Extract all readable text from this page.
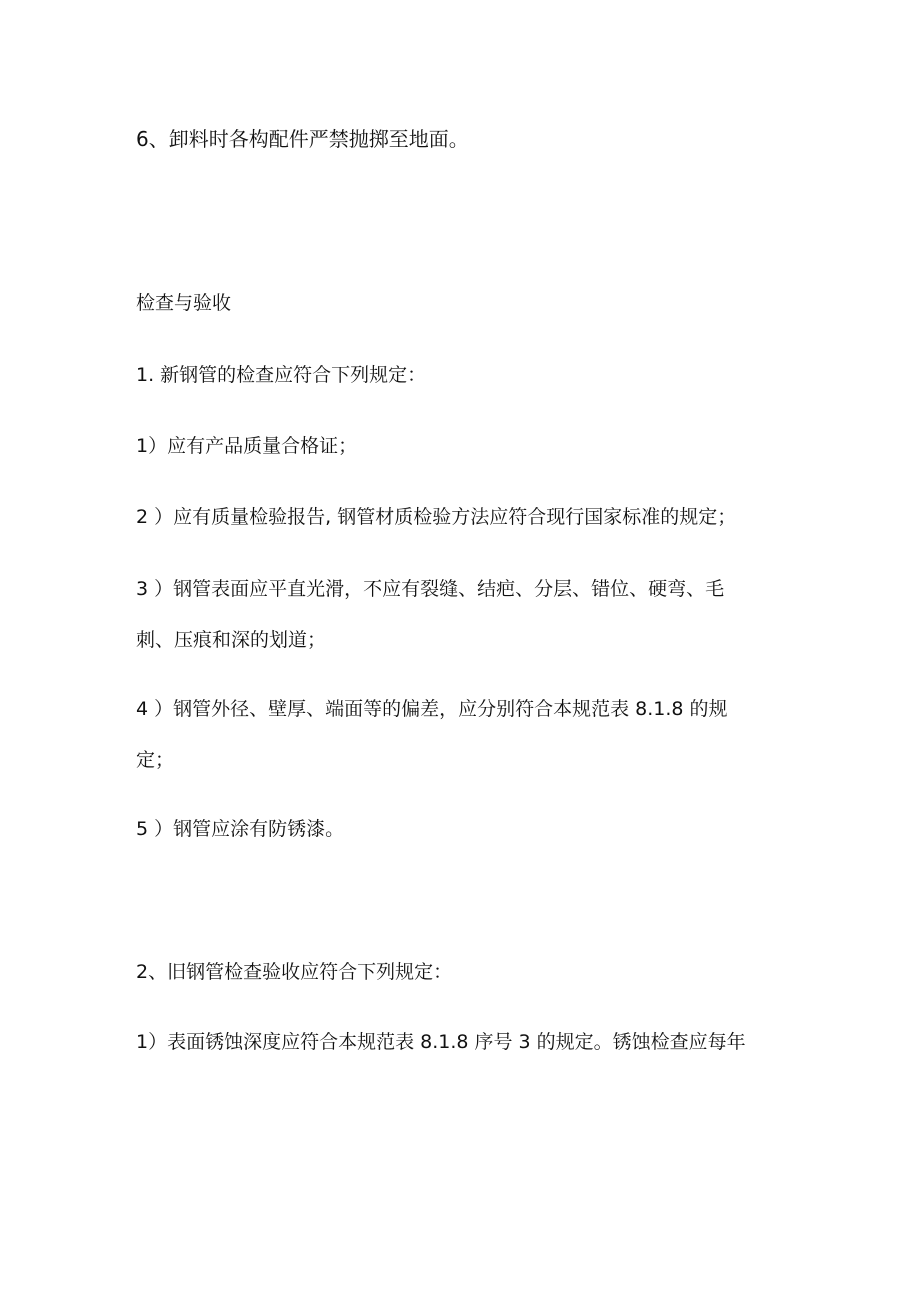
6、卸料时各构配件严禁抛掷至地面。
检查与验收
1. 新钢管的检查应符合下列规定：
1）应有产品质量合格证；
2 ）应有质量检验报告, 钢管材质检验方法应符合现行国家标准的规定；
3 ）钢管表面应平直光滑，不应有裂缝、结疤、分层、错位、硬弯、毛
刺、压痕和深的划道；
4 ）钢管外径、壁厚、端面等的偏差，应分别符合本规范表 8.1.8 的规
定；
5 ）钢管应涂有防锈漆。
2、旧钢管检查验收应符合下列规定：
1）表面锈蚀深度应符合本规范表 8.1.8 序号 3 的规定。锈蚀检查应每年
